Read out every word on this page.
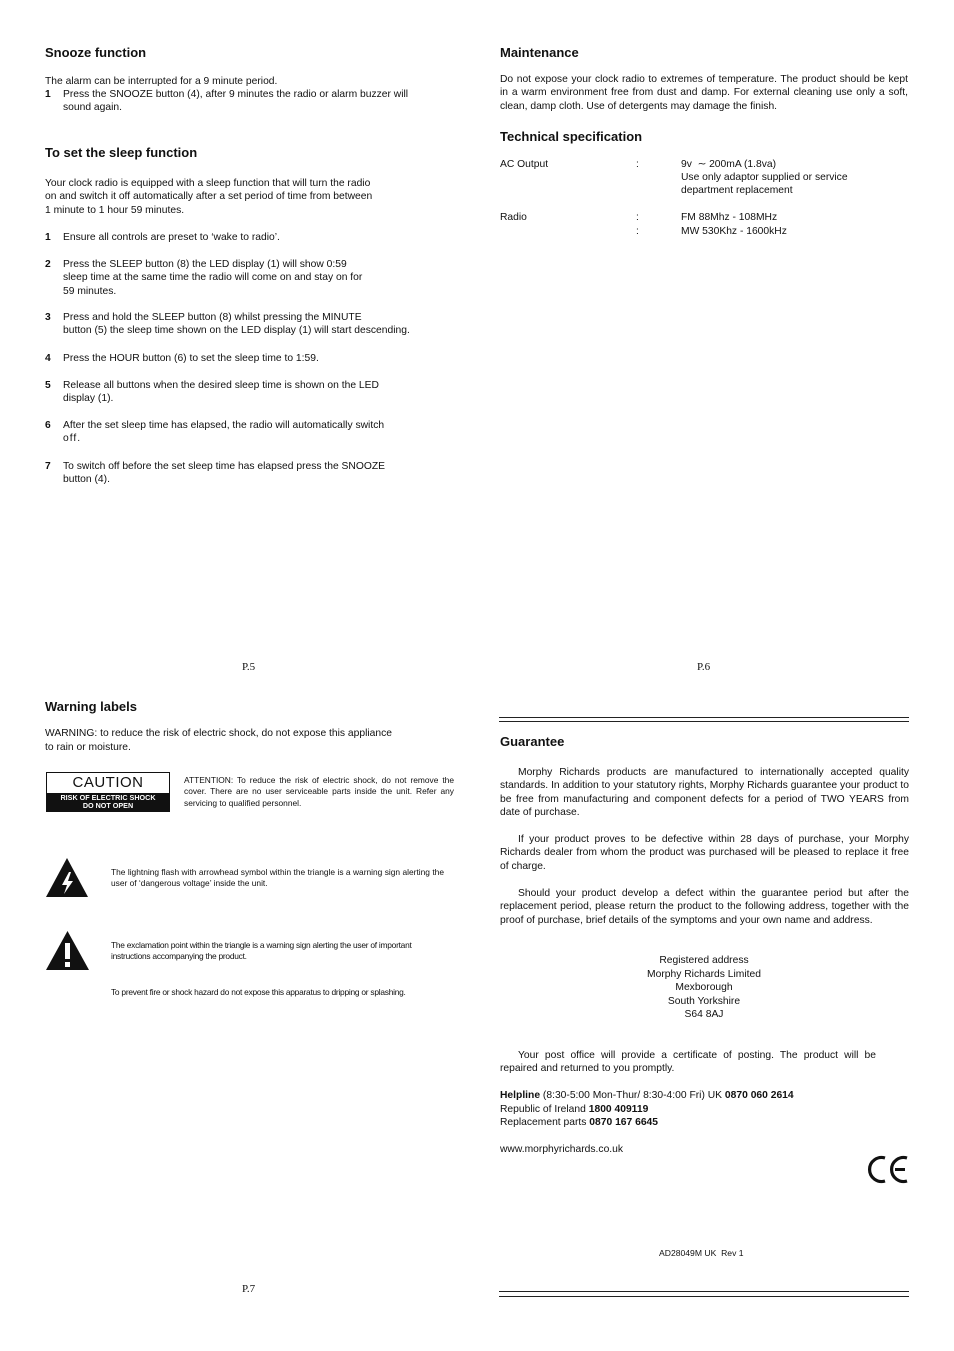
Snooze function

The alarm can be interrupted for a 9 minute period.

1 Press the SNOOZE button (4), after 9 minutes the radio or alarm buzzer will
sound again.
To set the sleep function

Your clock radio is equipped with a sleep function that will turn the radio

on and switch it off automatically after a set period of time from between

1 minute to 1 hour 59 minutes.

1 Ensure all controls are preset to ‘wake to radio’.
2 Press the SLEEP button (8) the LED display (1) will show 0:59
sleep time at the same time the radio will come on and stay on for
59 minutes.
3 Press and hold the SLEEP button (8) whilst pressing the MINUTE
button (5) the sleep time shown on the LED display (1) will start descending.
4 Press the HOUR button (6) to set the sleep time to 1:59.
5 Release all buttons when the desired sleep time is shown on the LED
display (1).
6 After the set sleep time has elapsed, the radio will automatically switch
off.
7 To switch off before the set sleep time has elapsed press the SNOOZE
button (4).
P.5
Maintenance

Do not expose your clock radio to extremes of temperature. The product should be kept in a warm environment free from dust and damp. For external cleaning use only a soft, clean, damp cloth. Use of detergents may damage the finish.

Technical specification
AC Output	:	9v  ∼ 200mA (1.8va)
Use only adaptor supplied or service
department replacement
Radio	:	FM 88Mhz - 108MHz
:	MW 530Khz - 1600kHz
P.6
Warning labels

WARNING: to reduce the risk of electric shock, do not expose this appliance

to rain or moisture.

CAUTION
RISK OF ELECTRIC SHOCK
DO NOT OPEN

ATTENTION: To reduce the risk of electric shock, do not remove the cover. There are no user serviceable parts inside the unit. Refer any servicing to qualified personnel.

The lightning flash with arrowhead symbol within the triangle is a warning sign alerting the user of ‘dangerous voltage’ inside the unit.

The exclamation point within the triangle is a warning sign alerting the user of important instructions accompanying the product.

To prevent fire or shock hazard do not expose this apparatus to dripping or splashing.

P.7
Guarantee

Morphy Richards products are manufactured to internationally accepted quality standards. In addition to your statutory rights, Morphy Richards guarantee your product to be free from manufacturing and component defects for a period of TWO YEARS from date of purchase.

If your product proves to be defective within 28 days of purchase, your Morphy Richards dealer from whom the product was purchased will be pleased to replace it free of charge.

Should your product develop a defect within the guarantee period but after the replacement period, please return the product to the following address, together with the proof of purchase, brief details of the symptoms and your own name and address.

Registered address
Morphy Richards Limited
Mexborough
South Yorkshire
S64 8AJ

Your post office will provide a certificate of posting. The product will be repaired and returned to you promptly.

Helpline (8:30-5:00 Mon-Thur/ 8:30-4:00 Fri) UK 0870 060 2614
Republic of Ireland 1800 409119
Replacement parts 0870 167 6645
www.morphyrichards.co.uk
AD28049M UK  Rev 1
